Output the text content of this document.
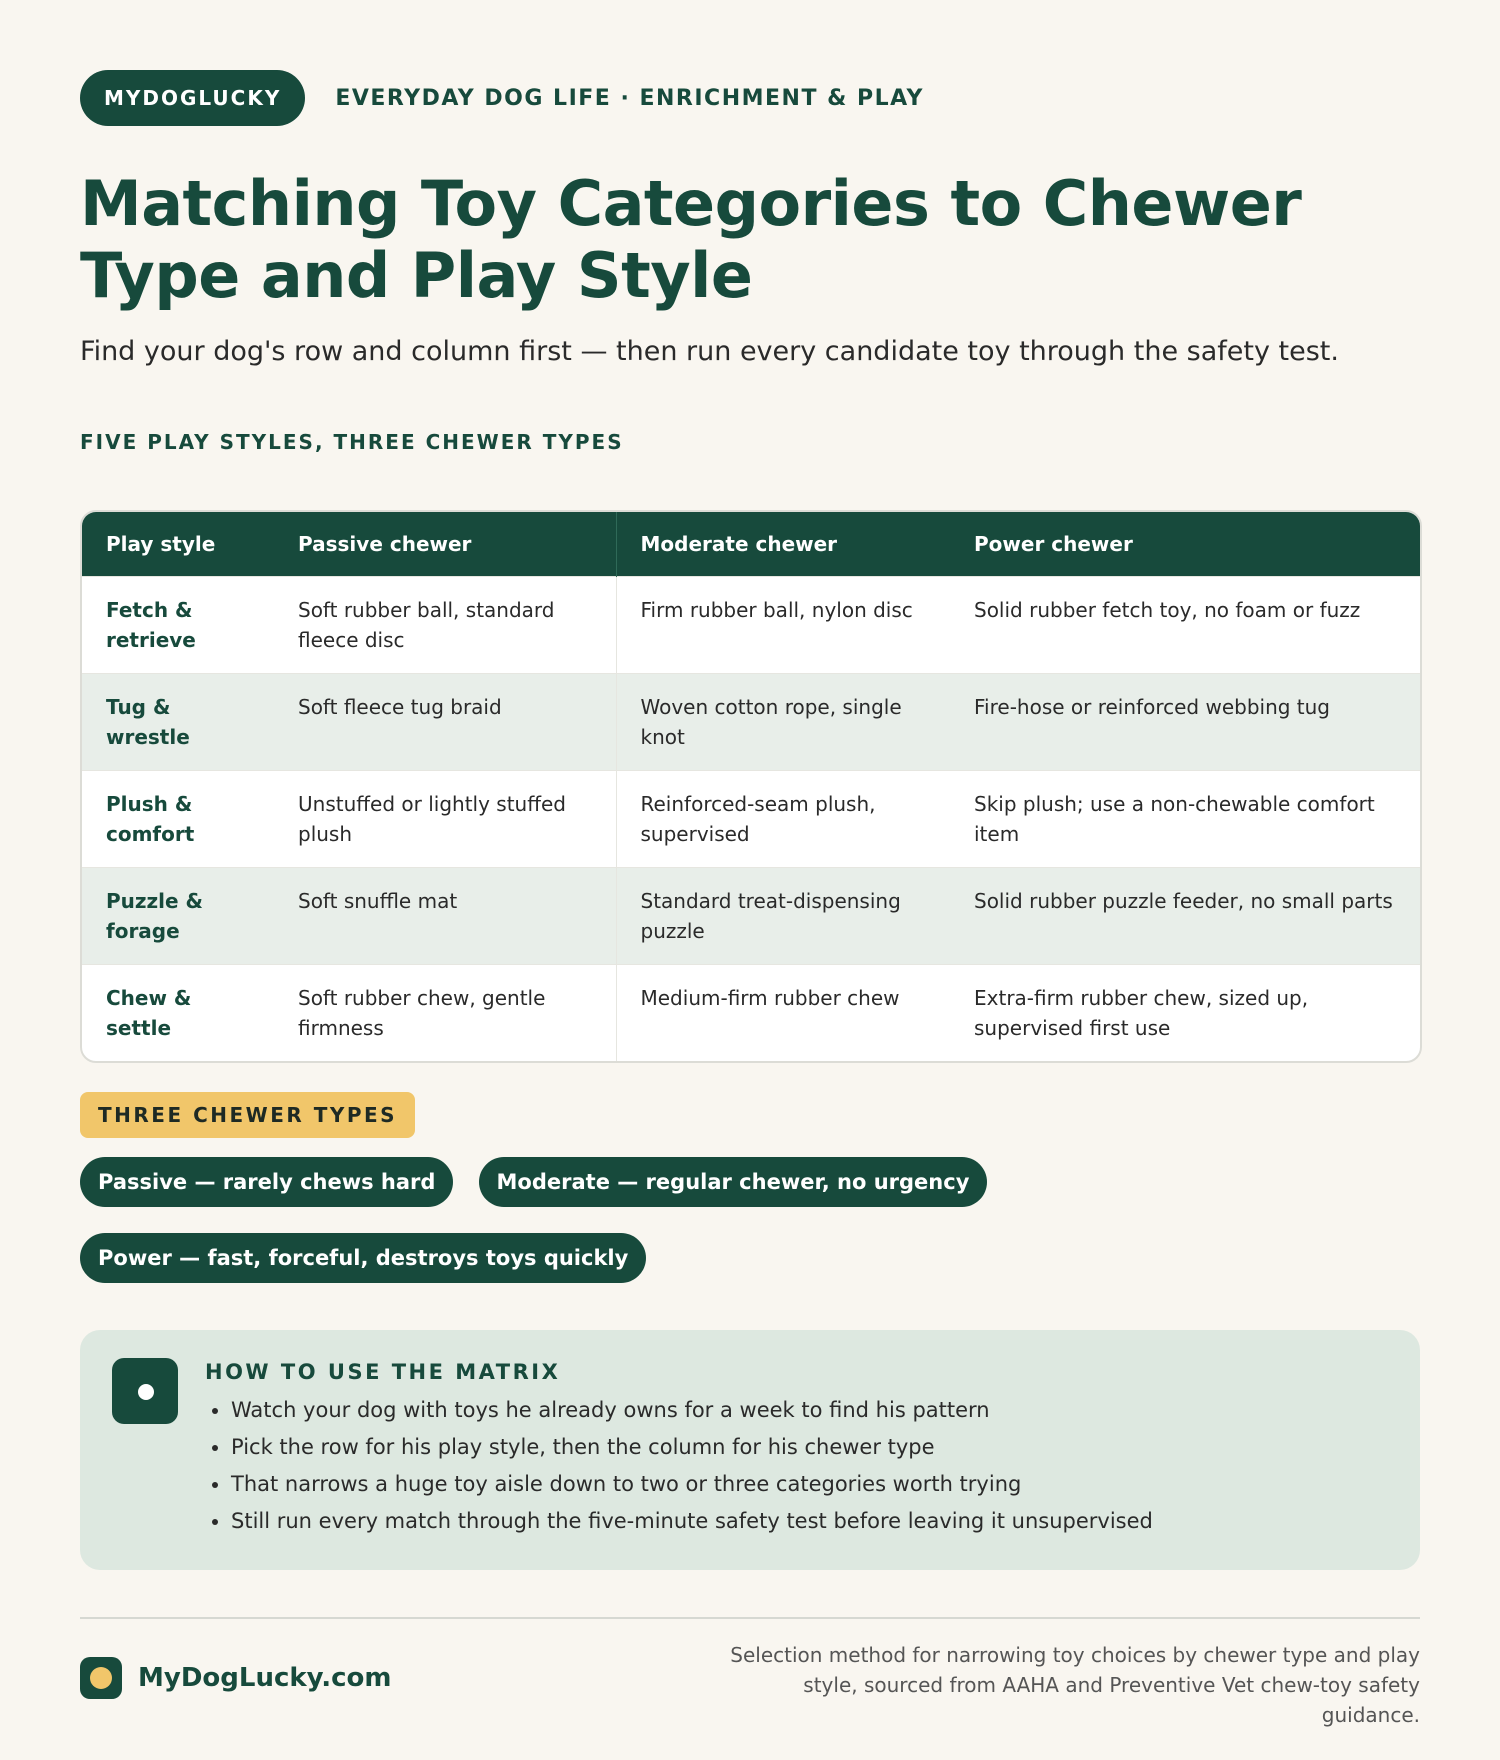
MYDOGLUCKY	EVERYDAY DOG LIFE · ENRICHMENT & PLAY
Matching Toy Categories to Chewer Type and Play Style
Find your dog's row and column first — then run every candidate toy through the safety test.
FIVE PLAY STYLES, THREE CHEWER TYPES
Play style	Passive chewer	Moderate chewer	Power chewer
Fetch & retrieve	Soft rubber ball, standard fleece disc	Firm rubber ball, nylon disc	Solid rubber fetch toy, no foam or fuzz
Tug & wrestle	Soft fleece tug braid	Woven cotton rope, single knot	Fire-hose or reinforced webbing tug
Plush & comfort	Unstuffed or lightly stuffed plush	Reinforced-seam plush, supervised	Skip plush; use a non-chewable comfort item
Puzzle & forage	Soft snuffle mat	Standard treat-dispensing puzzle	Solid rubber puzzle feeder, no small parts
Chew & settle	Soft rubber chew, gentle firmness	Medium-firm rubber chew	Extra-firm rubber chew, sized up, supervised first use
THREE CHEWER TYPES
Passive — rarely chews hard	Moderate — regular chewer, no urgency Power — fast, forceful, destroys toys quickly
HOW TO USE THE MATRIX
• Watch your dog with toys he already owns for a week to find his pattern
• Pick the row for his play style, then the column for his chewer type
• That narrows a huge toy aisle down to two or three categories worth trying
• Still run every match through the five-minute safety test before leaving it unsupervised
MyDogLucky.com
Selection method for narrowing toy choices by chewer type and play style, sourced from AAHA and Preventive Vet chew-toy safety guidance.
